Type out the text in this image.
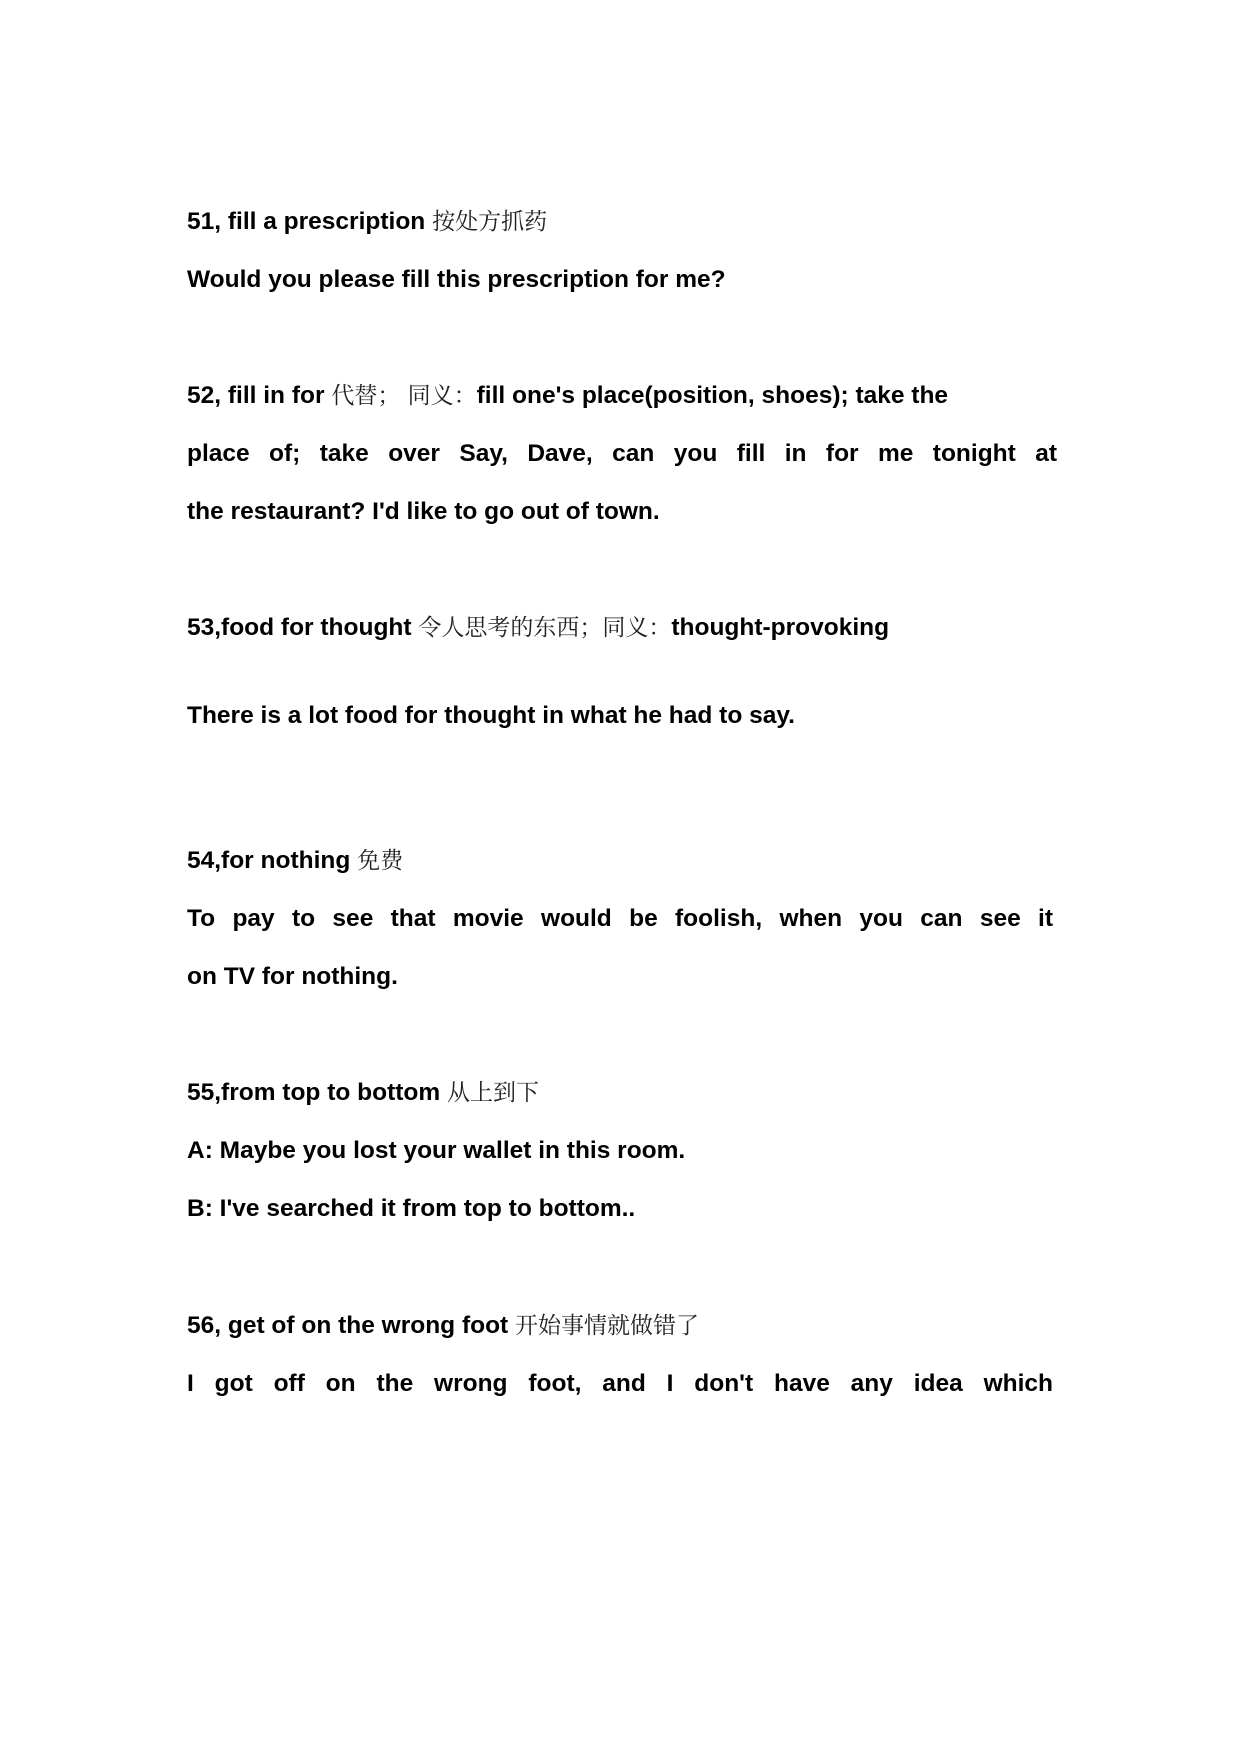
51, fill a prescription 按处方抓药
Would you please fill this prescription for me?
52, fill in for 代替； 同义：fill one's place(position, shoes); take the
place of; take over Say, Dave, can you fill in for me tonight at
the restaurant? I'd like to go out of town.
53,food for thought 令人思考的东西；同义：thought-provoking
There is a lot food for thought in what he had to say.
54,for nothing 免费
To pay to see that movie would be foolish, when you can see it
on TV for nothing.
55,from top to bottom 从上到下
A: Maybe you lost your wallet in this room.
B: I've searched it from top to bottom..
56, get of on the wrong foot 开始事情就做错了
I got off on the wrong foot, and I don't have any idea which
